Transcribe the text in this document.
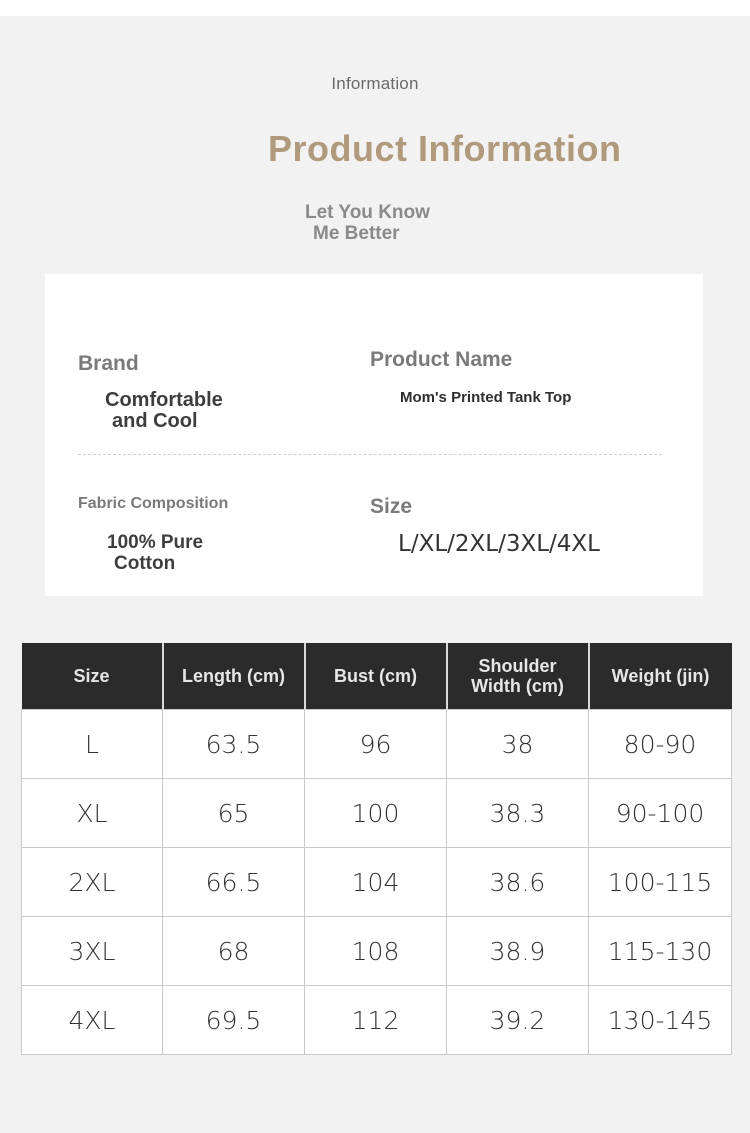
Information
Product Information
Let You Know
Me Better
Brand
Comfortable
and Cool
Product Name
Mom's Printed Tank Top
Fabric Composition
100% Pure
Cotton
Size
L/XL/2XL/3XL/4XL
Size	Length (cm)	Bust (cm)	Shoulder Width (cm)	Weight (jin)
L	63.5	96	38	80-90
XL	65	100	38.3	90-100
2XL	66.5	104	38.6	100-115
3XL	68	108	38.9	115-130
4XL	69.5	112	39.2	130-145
